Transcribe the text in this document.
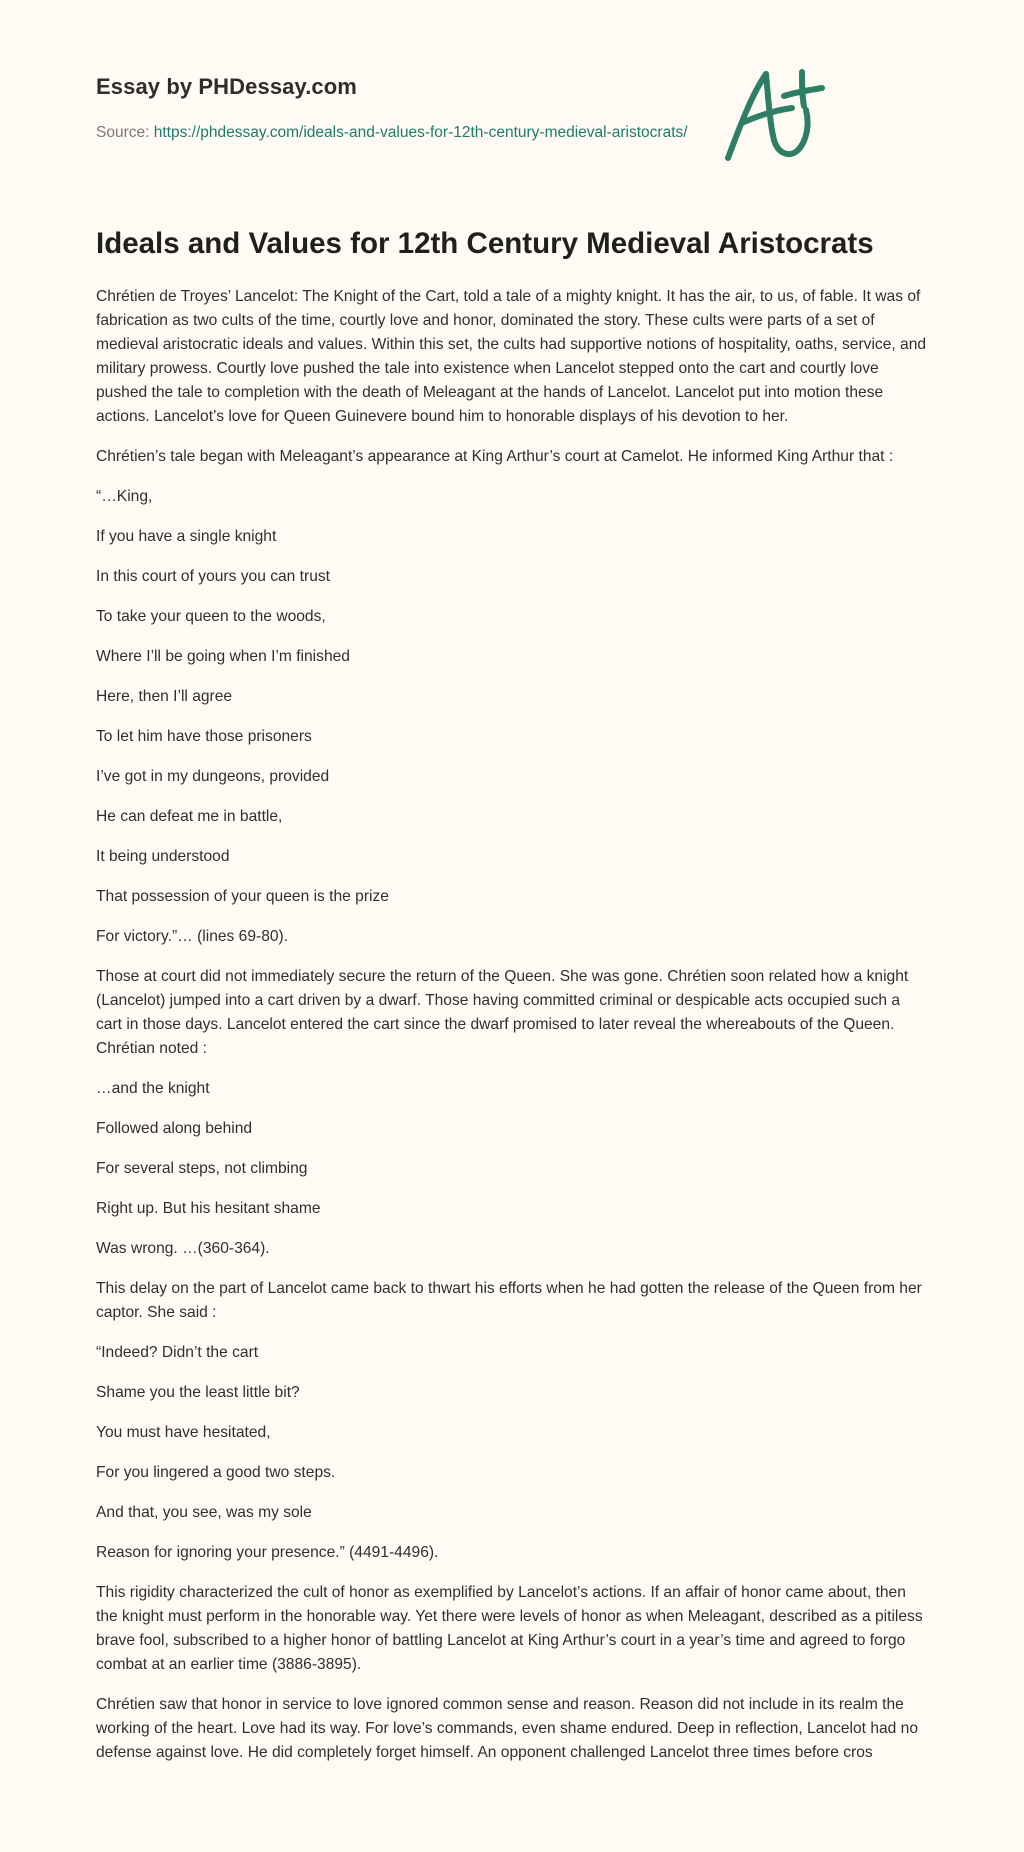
Essay by PHDessay.com
Source: https://phdessay.com/ideals-and-values-for-12th-century-medieval-aristocrats/
Ideals and Values for 12th Century Medieval Aristocrats

Chrétien de Troyes’ Lancelot: The Knight of the Cart, told a tale of a mighty knight. It has the air, to us, of fable. It was of fabrication as two cults of the time, courtly love and honor, dominated the story. These cults were parts of a set of medieval aristocratic ideals and values. Within this set, the cults had supportive notions of hospitality, oaths, service, and military prowess. Courtly love pushed the tale into existence when Lancelot stepped onto the cart and courtly love pushed the tale to completion with the death of Meleagant at the hands of Lancelot. Lancelot put into motion these actions. Lancelot’s love for Queen Guinevere bound him to honorable displays of his devotion to her.

Chrétien’s tale began with Meleagant’s appearance at King Arthur’s court at Camelot. He informed King Arthur that :

“…King,

If you have a single knight

In this court of yours you can trust

To take your queen to the woods,

Where I’ll be going when I’m finished

Here, then I’ll agree

To let him have those prisoners

I’ve got in my dungeons, provided

He can defeat me in battle,

It being understood

That possession of your queen is the prize

For victory.”… (lines 69-80).

Those at court did not immediately secure the return of the Queen. She was gone. Chrétien soon related how a knight (Lancelot) jumped into a cart driven by a dwarf. Those having committed criminal or despicable acts occupied such a cart in those days. Lancelot entered the cart since the dwarf promised to later reveal the whereabouts of the Queen. Chrétian noted :

…and the knight

Followed along behind

For several steps, not climbing

Right up. But his hesitant shame

Was wrong. …(360-364).

This delay on the part of Lancelot came back to thwart his efforts when he had gotten the release of the Queen from her captor. She said :

“Indeed? Didn’t the cart

Shame you the least little bit?

You must have hesitated,

For you lingered a good two steps.

And that, you see, was my sole

Reason for ignoring your presence.” (4491-4496).

This rigidity characterized the cult of honor as exemplified by Lancelot’s actions. If an affair of honor came about, then the knight must perform in the honorable way. Yet there were levels of honor as when Meleagant, described as a pitiless brave fool, subscribed to a higher honor of battling Lancelot at King Arthur’s court in a year’s time and agreed to forgo combat at an earlier time (3886-3895).

Chrétien saw that honor in service to love ignored common sense and reason. Reason did not include in its realm the working of the heart. Love had its way. For love’s commands, even shame endured. Deep in reflection, Lancelot had no defense against love. He did completely forget himself. An opponent challenged Lancelot three times before cros
